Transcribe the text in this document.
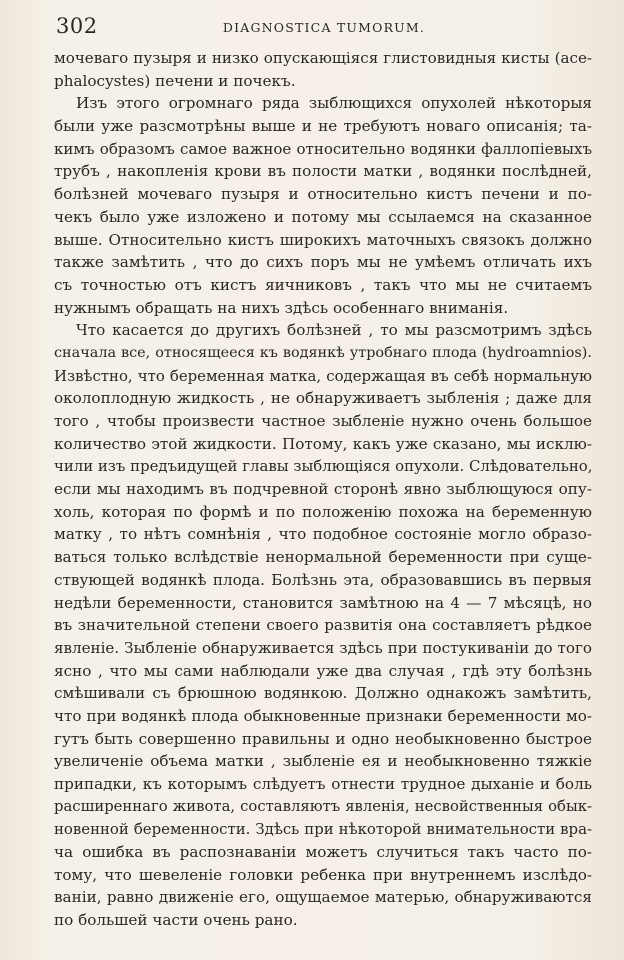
302	DIAGNOSTICA TUMORUM.
мочеваго пузыря и низко опускающіяся глистовидныя кисты (ace-
phalocystes) печени и почекъ.
Изъ этого огромнаго ряда зыблющихся опухолей нѣкоторыя
были уже разсмотрѣны выше и не требуютъ новаго описанія; та-
кимъ образомъ самое важное относительно водянки фаллопіевыхъ
трубъ , накопленія крови въ полости матки , водянки послѣдней,
болѣзней мочеваго пузыря и относительно кистъ печени и по-
чекъ было уже изложено и потому мы ссылаемся на сказанное
выше. Относительно кистъ широкихъ маточныхъ связокъ должно
также замѣтить , что до сихъ поръ мы не умѣемъ отличать ихъ
съ точностью отъ кистъ яичниковъ , такъ что мы не считаемъ
нужнымъ обращать на нихъ здѣсь особеннаго вниманія.
Что касается до другихъ болѣзней , то мы разсмотримъ здѣсь
сначала все, относящееся къ водянкѣ утробнаго плода (hydroamnios).
Извѣстно, что беременная матка, содержащая въ себѣ нормальную
околоплодную жидкость , не обнаруживаетъ зыбленія ; даже для
того , чтобы произвести частное зыбленіе нужно очень большое
количество этой жидкости. Потому, какъ уже сказано, мы исклю-
чили изъ предъидущей главы зыблющіяся опухоли. Слѣдовательно,
если мы находимъ въ подчревной сторонѣ явно зыблющуюся опу-
холь, которая по формѣ и по положенію похожа на беременную
матку , то нѣтъ сомнѣнія , что подобное состояніе могло образо-
ваться только вслѣдствіе ненормальной беременности при суще-
ствующей водянкѣ плода. Болѣзнь эта, образовавшись въ первыя
недѣли беременности, становится замѣтною на 4 — 7 мѣсяцѣ, но
въ значительной степени своего развитія она составляетъ рѣдкое
явленіе. Зыбленіе обнаруживается здѣсь при постукиваніи до того
ясно , что мы сами наблюдали уже два случая , гдѣ эту болѣзнь
смѣшивали съ брюшною водянкою. Должно однакожъ замѣтить,
что при водянкѣ плода обыкновенные признаки беременности мо-
гутъ быть совершенно правильны и одно необыкновенно быстрое
увеличеніе объема матки , зыбленіе ея и необыкновенно тяжкіе
припадки, къ которымъ слѣдуетъ отнести трудное дыханіе и боль
расширеннаго живота, составляютъ явленія, несвойственныя обык-
новенной беременности. Здѣсь при нѣкоторой внимательности вра-
ча ошибка въ распознаваніи можетъ случиться такъ часто по-
тому, что шевеленіе головки ребенка при внутреннемъ изслѣдо-
ваніи, равно движеніе его, ощущаемое матерью, обнаруживаются
по большей части очень рано.
